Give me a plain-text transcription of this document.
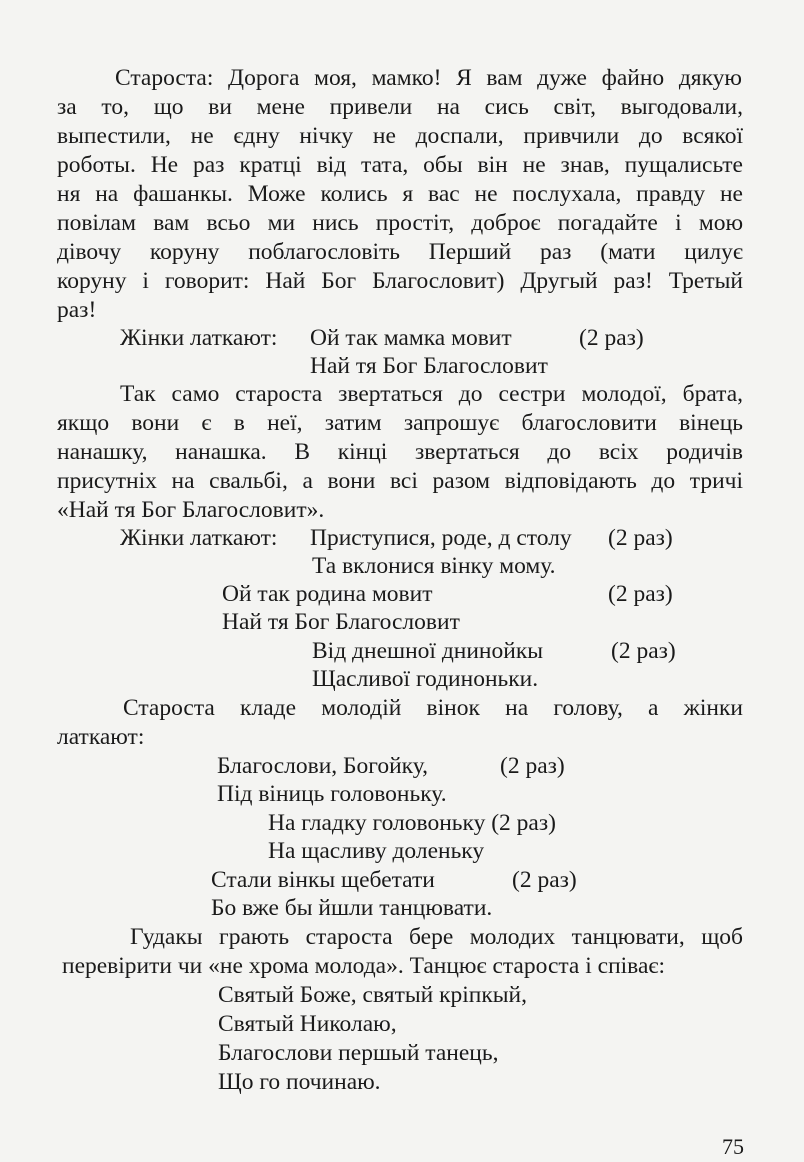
Староста: Дорога моя, мамко! Я вам дуже файно дякую
за то, що ви мене привели на сись світ, выгодовали,
выпестили, не єдну нічку не доспали, привчили до всякої
роботы. Не раз кратці від тата, обы він не знав, пущалисьте
ня на фашанкы. Може колись я вас не послухала, правду не
повілам вам всьо ми нись простіт, доброє погадайте і мою
дівочу коруну поблагословіть Перший раз (мати цилує
коруну і говорит: Най Бог Благословит) Другый раз! Третый
раз!
Жінки латкают: Ой так мамка мовит	(2 раз)
Най тя Бог Благословит
Так само староста звертаться до сестри молодої, брата,
якщо вони є в неї, затим запрошує благословити вінець
нанашку, нанашка. В кінці звертаться до всіх родичів
присутніх на свальбі, а вони всі разом відповідають до тричі
«Най тя Бог Благословит».
Жінки латкают: Приступися, роде, д столу (2 раз)
Та вклонися вінку мому.
Ой так родина мовит	(2 раз)
Най тя Бог Благословит
Від днешної днинойкы	(2 раз)
Щасливої годиноньки.
Староста кладе молодій вінок на голову, а жінки
латкают:
Благослови, Богойку,	(2 раз)
Під віниць головоньку.
На гладку головоньку (2 раз)
На щасливу доленьку
Стали вінкы щебетати	(2 раз)
Бо вже бы йшли танцювати.
Гудакы грають староста бере молодих танцювати, щоб
перевірити чи «не хрома молода». Танцює староста і співає:
Святый Боже, святый кріпкый,
Святый Николаю,
Благослови першый танець,
Що го починаю.
75
